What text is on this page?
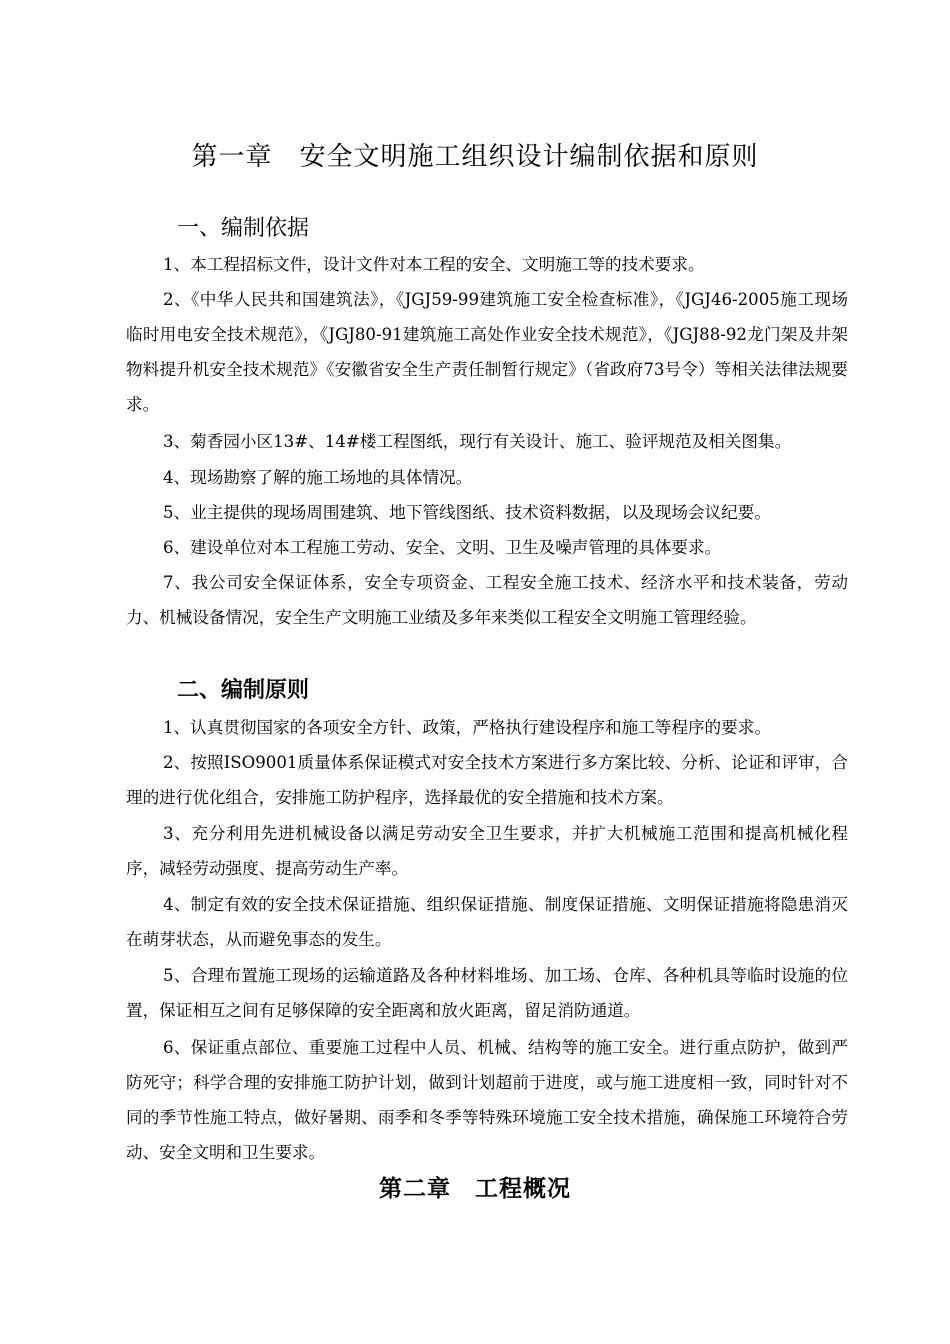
第一章　安全文明施工组织设计编制依据和原则
一、编制依据
1、本工程招标文件，设计文件对本工程的安全、文明施工等的技术要求。
2、《中华人民共和国建筑法》，《JGJ59-99建筑施工安全检查标准》，《JGJ46-2005施工现场临时用电安全技术规范》，《JGJ80-91建筑施工高处作业安全技术规范》，《JGJ88-92龙门架及井架物料提升机安全技术规范》《安徽省安全生产责任制暂行规定》（省政府73号令）等相关法律法规要求。
3、菊香园小区13#、14#楼工程图纸，现行有关设计、施工、验评规范及相关图集。
4、现场勘察了解的施工场地的具体情况。
5、业主提供的现场周围建筑、地下管线图纸、技术资料数据，以及现场会议纪要。
6、建设单位对本工程施工劳动、安全、文明、卫生及噪声管理的具体要求。
7、我公司安全保证体系，安全专项资金、工程安全施工技术、经济水平和技术装备，劳动力、机械设备情况，安全生产文明施工业绩及多年来类似工程安全文明施工管理经验。
二、编制原则
1、认真贯彻国家的各项安全方针、政策，严格执行建设程序和施工等程序的要求。
2、按照ISO9001质量体系保证模式对安全技术方案进行多方案比较、分析、论证和评审，合理的进行优化组合，安排施工防护程序，选择最优的安全措施和技术方案。
3、充分利用先进机械设备以满足劳动安全卫生要求，并扩大机械施工范围和提高机械化程序，减轻劳动强度、提高劳动生产率。
4、制定有效的安全技术保证措施、组织保证措施、制度保证措施、文明保证措施将隐患消灭在萌芽状态，从而避免事态的发生。
5、合理布置施工现场的运输道路及各种材料堆场、加工场、仓库、各种机具等临时设施的位置，保证相互之间有足够保障的安全距离和放火距离，留足消防通道。
6、保证重点部位、重要施工过程中人员、机械、结构等的施工安全。进行重点防护，做到严防死守；科学合理的安排施工防护计划，做到计划超前于进度，或与施工进度相一致，同时针对不同的季节性施工特点，做好暑期、雨季和冬季等特殊环境施工安全技术措施，确保施工环境符合劳动、安全文明和卫生要求。
第二章　工程概况
